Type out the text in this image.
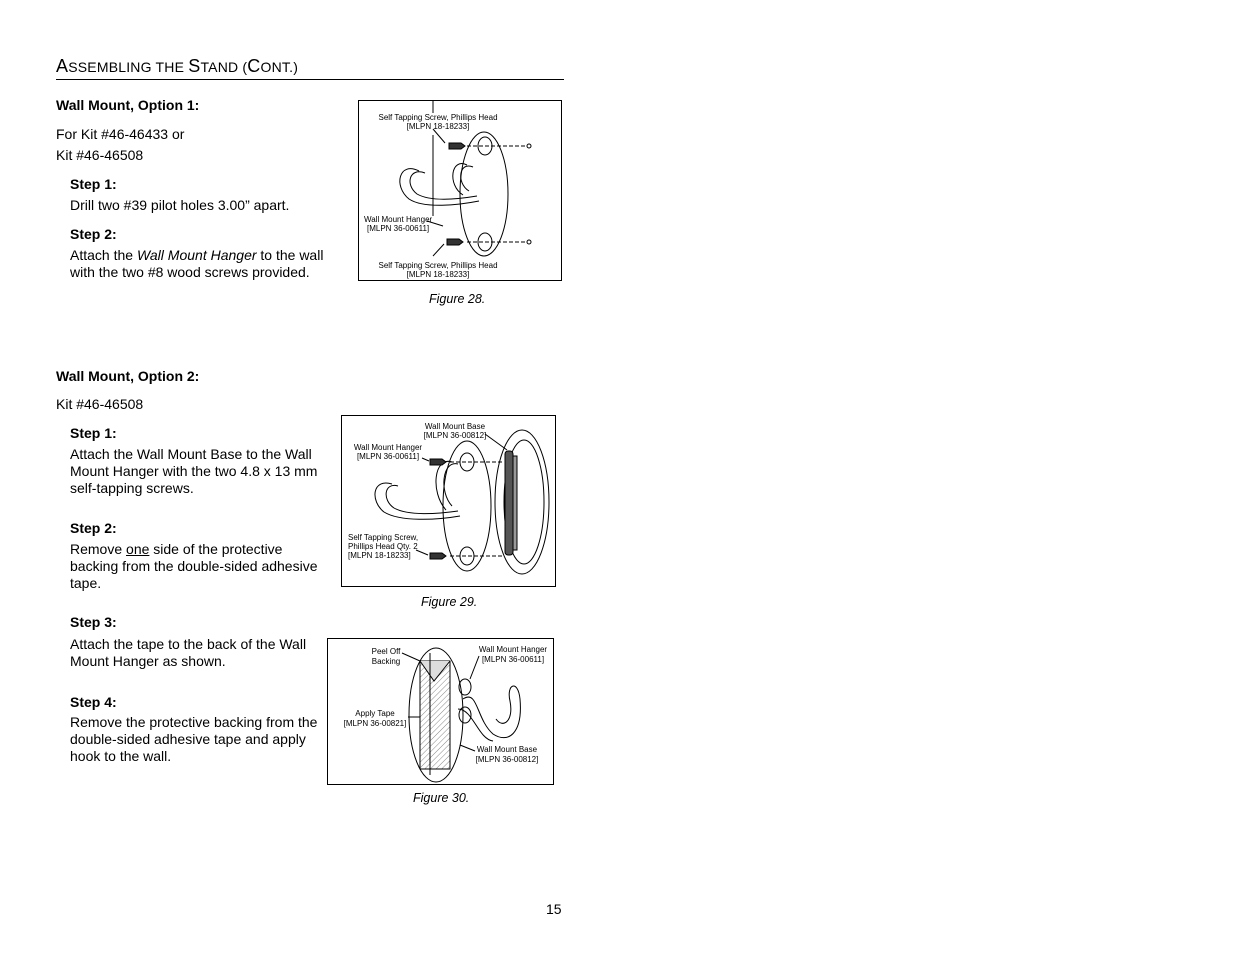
ASSEMBLING THE STAND (CONT.)
Wall Mount, Option 1:
For Kit #46-46433 or
Kit #46-46508
Step 1:
Drill two #39 pilot holes 3.00” apart.
Step 2:
Attach the Wall Mount Hanger to the wall
with the two #8 wood screws provided.
Self Tapping Screw, Phillips Head
[MLPN 18-18233]
Wall Mount Hanger
[MLPN 36-00611]
Self Tapping Screw, Phillips Head
[MLPN 18-18233]
Figure 28.
Wall Mount, Option 2:
Kit #46-46508
Step 1:
Attach the Wall Mount Base to the Wall
Mount Hanger with the two 4.8 x 13 mm
self-tapping screws.
Step 2:
Remove one side of the protective
backing from the double-sided adhesive
tape.
Step 3:
Attach the tape to the back of the Wall
Mount Hanger as shown.
Step 4:
Remove the protective backing from the
double-sided adhesive tape and apply
hook to the wall.
Wall Mount Base
[MLPN 36-00812]
Wall Mount Hanger
[MLPN 36-00611]
Self Tapping Screw,
Phillips Head Qty. 2
[MLPN 18-18233]
Figure 29.
Peel Off
Backing
Wall Mount Hanger
[MLPN 36-00611]
Apply Tape
[MLPN 36-00821]
Wall Mount Base
[MLPN 36-00812]
Figure 30.
15
